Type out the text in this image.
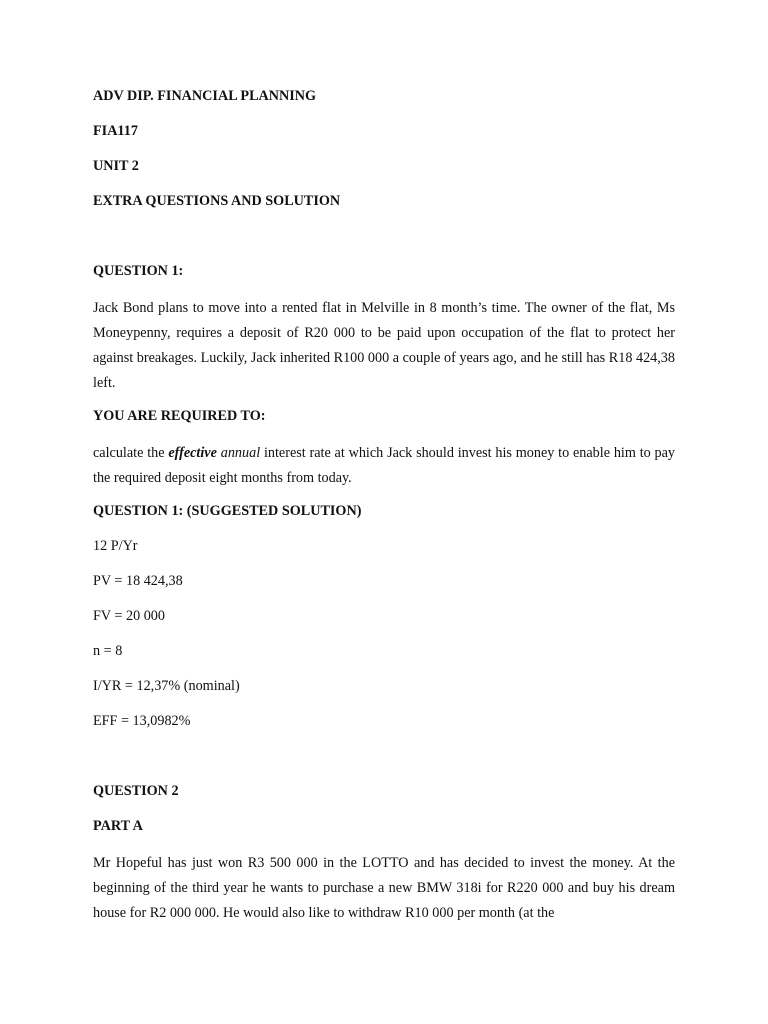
ADV DIP. FINANCIAL PLANNING
FIA117
UNIT 2
EXTRA QUESTIONS AND SOLUTION
QUESTION 1:

Jack Bond plans to move into a rented flat in Melville in 8 month’s time. The owner of the flat, Ms Moneypenny, requires a deposit of R20 000 to be paid upon occupation of the flat to protect her against breakages. Luckily, Jack inherited R100 000 a couple of years ago, and he still has R18 424,38 left.

YOU ARE REQUIRED TO:

calculate the effective annual interest rate at which Jack should invest his money to enable him to pay the required deposit eight months from today.

QUESTION 1: (SUGGESTED SOLUTION)
12 P/Yr
PV = 18 424,38
FV = 20 000
n = 8
I/YR = 12,37% (nominal)
EFF = 13,0982%
QUESTION 2
PART A

Mr Hopeful has just won R3 500 000 in the LOTTO and has decided to invest the money. At the beginning of the third year he wants to purchase a new BMW 318i for R220 000 and buy his dream house for R2 000 000. He would also like to withdraw R10 000 per month (at the
